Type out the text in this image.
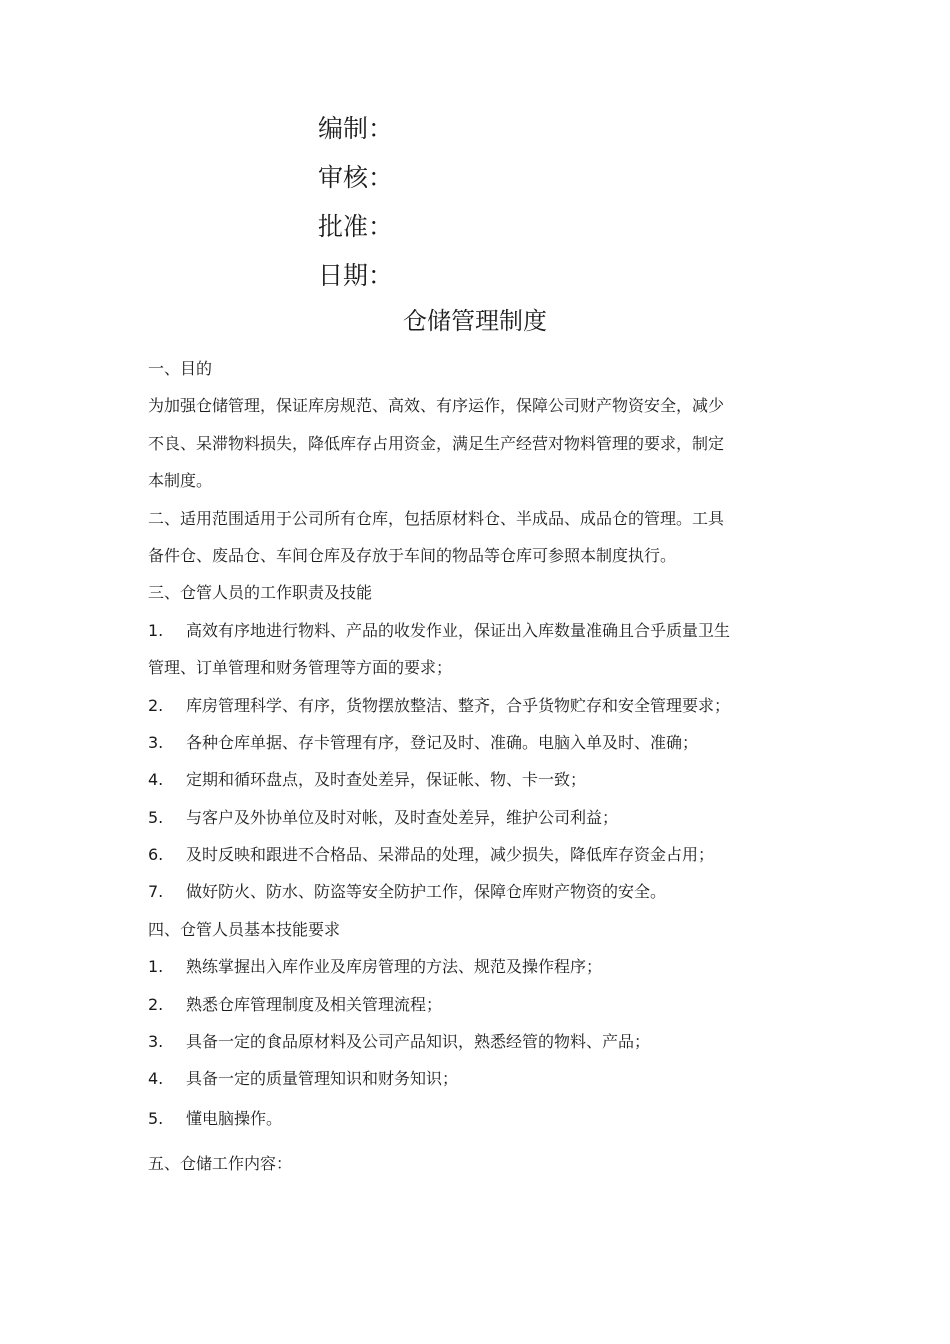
编制：
审核：
批准：
日期：
仓储管理制度
一、目的
为加强仓储管理，保证库房规范、高效、有序运作，保障公司财产物资安全，减少
不良、呆滞物料损失，降低库存占用资金，满足生产经营对物料管理的要求，制定
本制度。
二、适用范围适用于公司所有仓库，包括原材料仓、半成品、成品仓的管理。工具
备件仓、废品仓、车间仓库及存放于车间的物品等仓库可参照本制度执行。
三、仓管人员的工作职责及技能
1.	高效有序地进行物料、产品的收发作业，保证出入库数量准确且合乎质量卫生
管理、订单管理和财务管理等方面的要求；
2.	库房管理科学、有序，货物摆放整洁、整齐，合乎货物贮存和安全管理要求；
3.	各种仓库单据、存卡管理有序，登记及时、准确。电脑入单及时、准确；
4.	定期和循环盘点，及时查处差异，保证帐、物、卡一致；
5.	与客户及外协单位及时对帐，及时查处差异，维护公司利益；
6.	及时反映和跟进不合格品、呆滞品的处理，减少损失，降低库存资金占用；
7.	做好防火、防水、防盗等安全防护工作，保障仓库财产物资的安全。
四、仓管人员基本技能要求
1.	熟练掌握出入库作业及库房管理的方法、规范及操作程序；
2.	熟悉仓库管理制度及相关管理流程；
3.	具备一定的食品原材料及公司产品知识，熟悉经管的物料、产品；
4.	具备一定的质量管理知识和财务知识；
5.	懂电脑操作。
五、仓储工作内容：
